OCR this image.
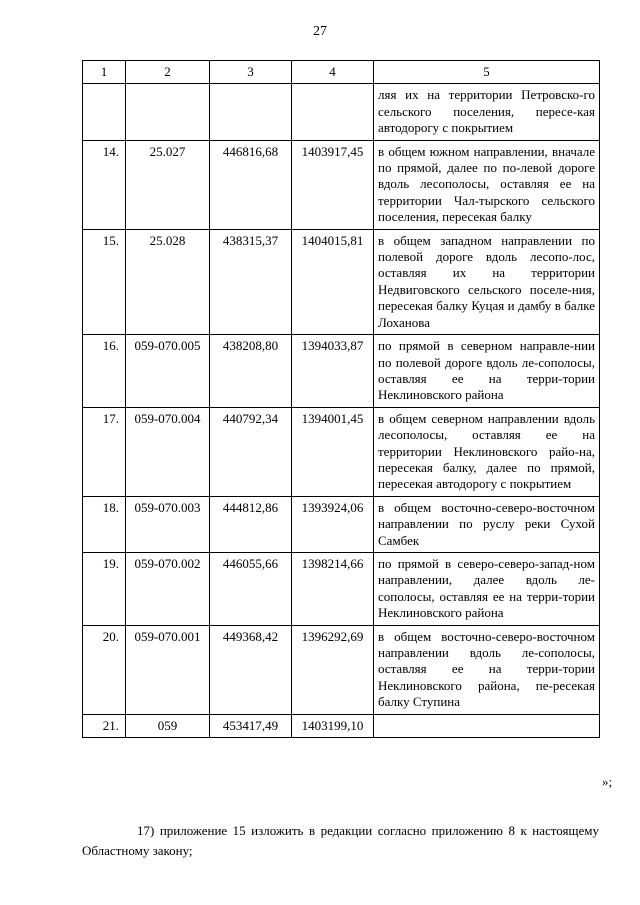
27
1	2	3	4	5
				ляя их на территории Петровско-го сельского поселения, пересе-кая автодорогу с покрытием
14.	25.027	446816,68	1403917,45	в общем южном направлении, вначале по прямой, далее по по-левой дороге вдоль лесополосы, оставляя ее на территории Чал-тырского сельского поселения, пересекая балку
15.	25.028	438315,37	1404015,81	в общем западном направлении по полевой дороге вдоль лесопо-лос, оставляя их на территории Недвиговского сельского поселе-ния, пересекая балку Куцая и дамбу в балке Лоханова
16.	059-070.005	438208,80	1394033,87	по прямой в северном направле-нии по полевой дороге вдоль ле-сополосы, оставляя ее на терри-тории Неклиновского района
17.	059-070.004	440792,34	1394001,45	в общем северном направлении вдоль лесополосы, оставляя ее на территории Неклиновского райо-на, пересекая балку, далее по прямой, пересекая автодорогу с покрытием
18.	059-070.003	444812,86	1393924,06	в общем восточно-северо-восточном направлении по руслу реки Сухой Самбек
19.	059-070.002	446055,66	1398214,66	по прямой в северо-северо-запад-ном направлении, далее вдоль ле-сополосы, оставляя ее на терри-тории Неклиновского района
20.	059-070.001	449368,42	1396292,69	в общем восточно-северо-восточном направлении вдоль ле-сополосы, оставляя ее на терри-тории Неклиновского района, пе-ресекая балку Ступина
21.	059	453417,49	1403199,10	
»;

17) приложение 15 изложить в редакции согласно приложению 8 к настоящему Областному закону;
